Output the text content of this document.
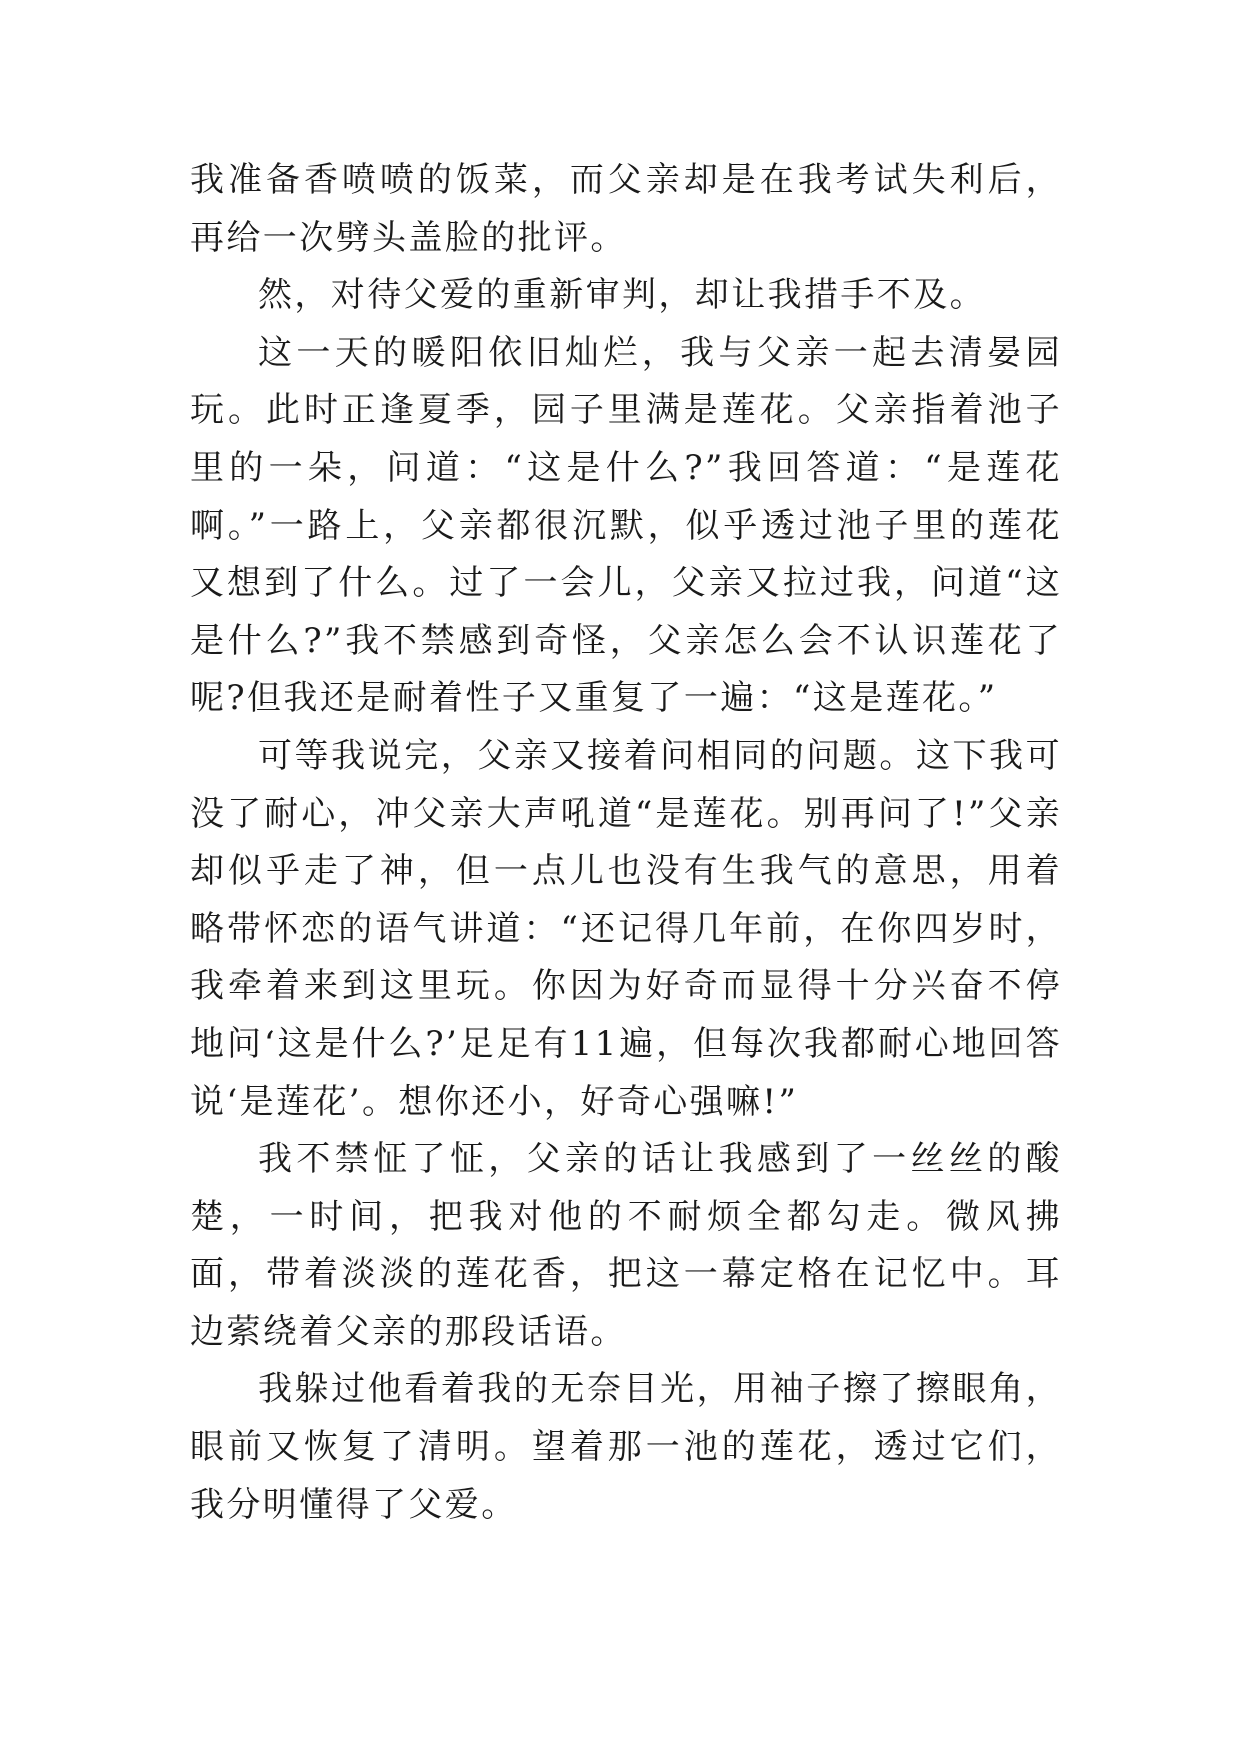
我准备香喷喷的饭菜，而父亲却是在我考试失利后，再给一次劈头盖脸的批评。

然，对待父爱的重新审判，却让我措手不及。

这一天的暖阳依旧灿烂，我与父亲一起去清晏园玩。此时正逢夏季，园子里满是莲花。父亲指着池子里的一朵，问道：“这是什么?”我回答道：“是莲花啊。”一路上，父亲都很沉默，似乎透过池子里的莲花又想到了什么。过了一会儿，父亲又拉过我，问道“这是什么?”我不禁感到奇怪，父亲怎么会不认识莲花了呢?但我还是耐着性子又重复了一遍：“这是莲花。”

可等我说完，父亲又接着问相同的问题。这下我可没了耐心，冲父亲大声吼道“是莲花。别再问了!”父亲却似乎走了神，但一点儿也没有生我气的意思，用着略带怀恋的语气讲道：“还记得几年前，在你四岁时，我牵着来到这里玩。你因为好奇而显得十分兴奋不停地问‘这是什么?’足足有11遍，但每次我都耐心地回答说‘是莲花’。想你还小，好奇心强嘛!”

我不禁怔了怔，父亲的话让我感到了一丝丝的酸楚，一时间，把我对他的不耐烦全都勾走。微风拂面，带着淡淡的莲花香，把这一幕定格在记忆中。耳边萦绕着父亲的那段话语。

我躲过他看着我的无奈目光，用袖子擦了擦眼角，眼前又恢复了清明。望着那一池的莲花，透过它们，我分明懂得了父爱。
